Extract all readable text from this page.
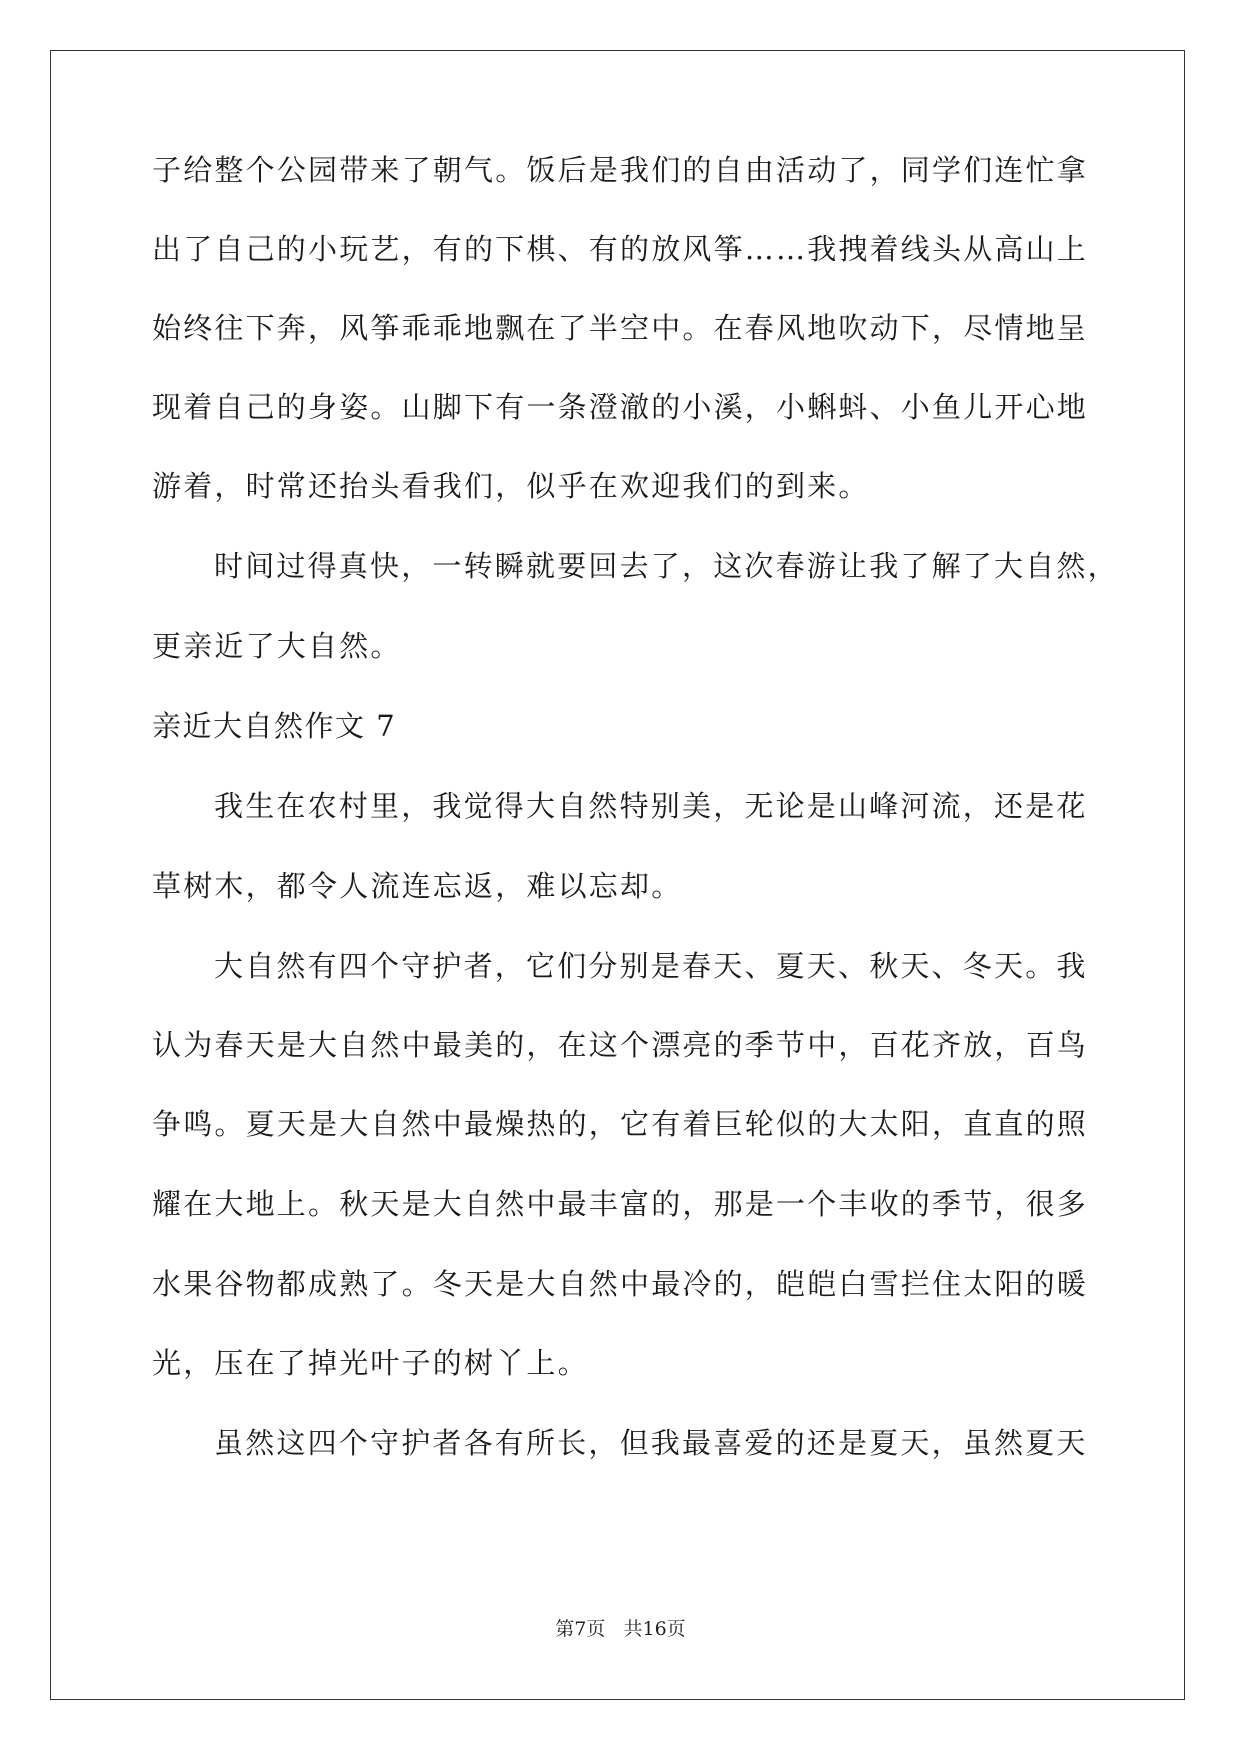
子给整个公园带来了朝气。饭后是我们的自由活动了，同学们连忙拿
出了自己的小玩艺，有的下棋、有的放风筝……我拽着线头从高山上
始终往下奔，风筝乖乖地飘在了半空中。在春风地吹动下，尽情地呈
现着自己的身姿。山脚下有一条澄澈的小溪，小蝌蚪、小鱼儿开心地
游着，时常还抬头看我们，似乎在欢迎我们的到来。
时间过得真快，一转瞬就要回去了，这次春游让我了解了大自然，
更亲近了大自然。
亲近大自然作文 7
我生在农村里，我觉得大自然特别美，无论是山峰河流，还是花
草树木，都令人流连忘返，难以忘却。
大自然有四个守护者，它们分别是春天、夏天、秋天、冬天。我
认为春天是大自然中最美的，在这个漂亮的季节中，百花齐放，百鸟
争鸣。夏天是大自然中最燥热的，它有着巨轮似的大太阳，直直的照
耀在大地上。秋天是大自然中最丰富的，那是一个丰收的季节，很多
水果谷物都成熟了。冬天是大自然中最冷的，皑皑白雪拦住太阳的暖
光，压在了掉光叶子的树丫上。
虽然这四个守护者各有所长，但我最喜爱的还是夏天，虽然夏天
第7页   共16页
